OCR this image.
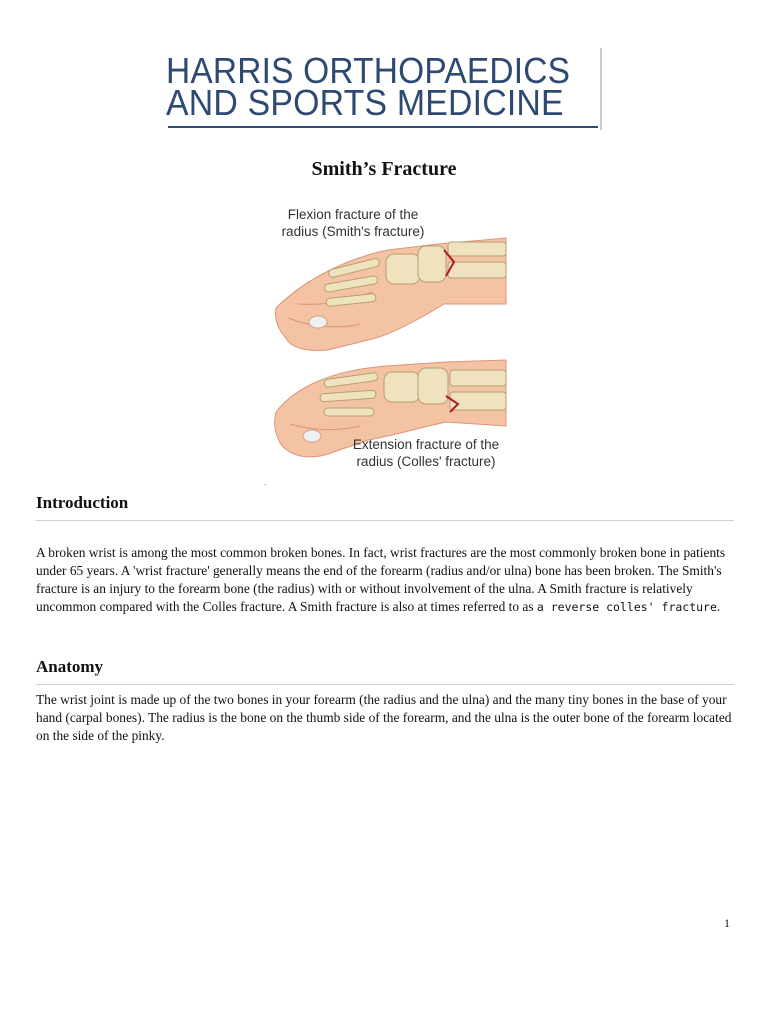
HARRIS ORTHOPAEDICS
AND SPORTS MEDICINE
Smith’s Fracture
Flexion fracture of the
radius (Smith's fracture)
Extension fracture of the
radius (Colles' fracture)
.
Introduction
A broken wrist is among the most common broken bones. In fact, wrist fractures are the most commonly broken bone in patients under 65 years. A 'wrist fracture' generally means the end of the forearm (radius and/or ulna) bone has been broken. The Smith's fracture is an injury to the forearm bone (the radius) with or without involvement of the ulna. A Smith fracture is relatively uncommon compared with the Colles fracture. A Smith fracture is also at times referred to as a reverse colles' fracture.
Anatomy
The wrist joint is made up of the two bones in your forearm (the radius and the ulna) and the many tiny bones in the base of your hand (carpal bones). The radius is the bone on the thumb side of the forearm, and the ulna is the outer bone of the forearm located on the side of the pinky.
1
